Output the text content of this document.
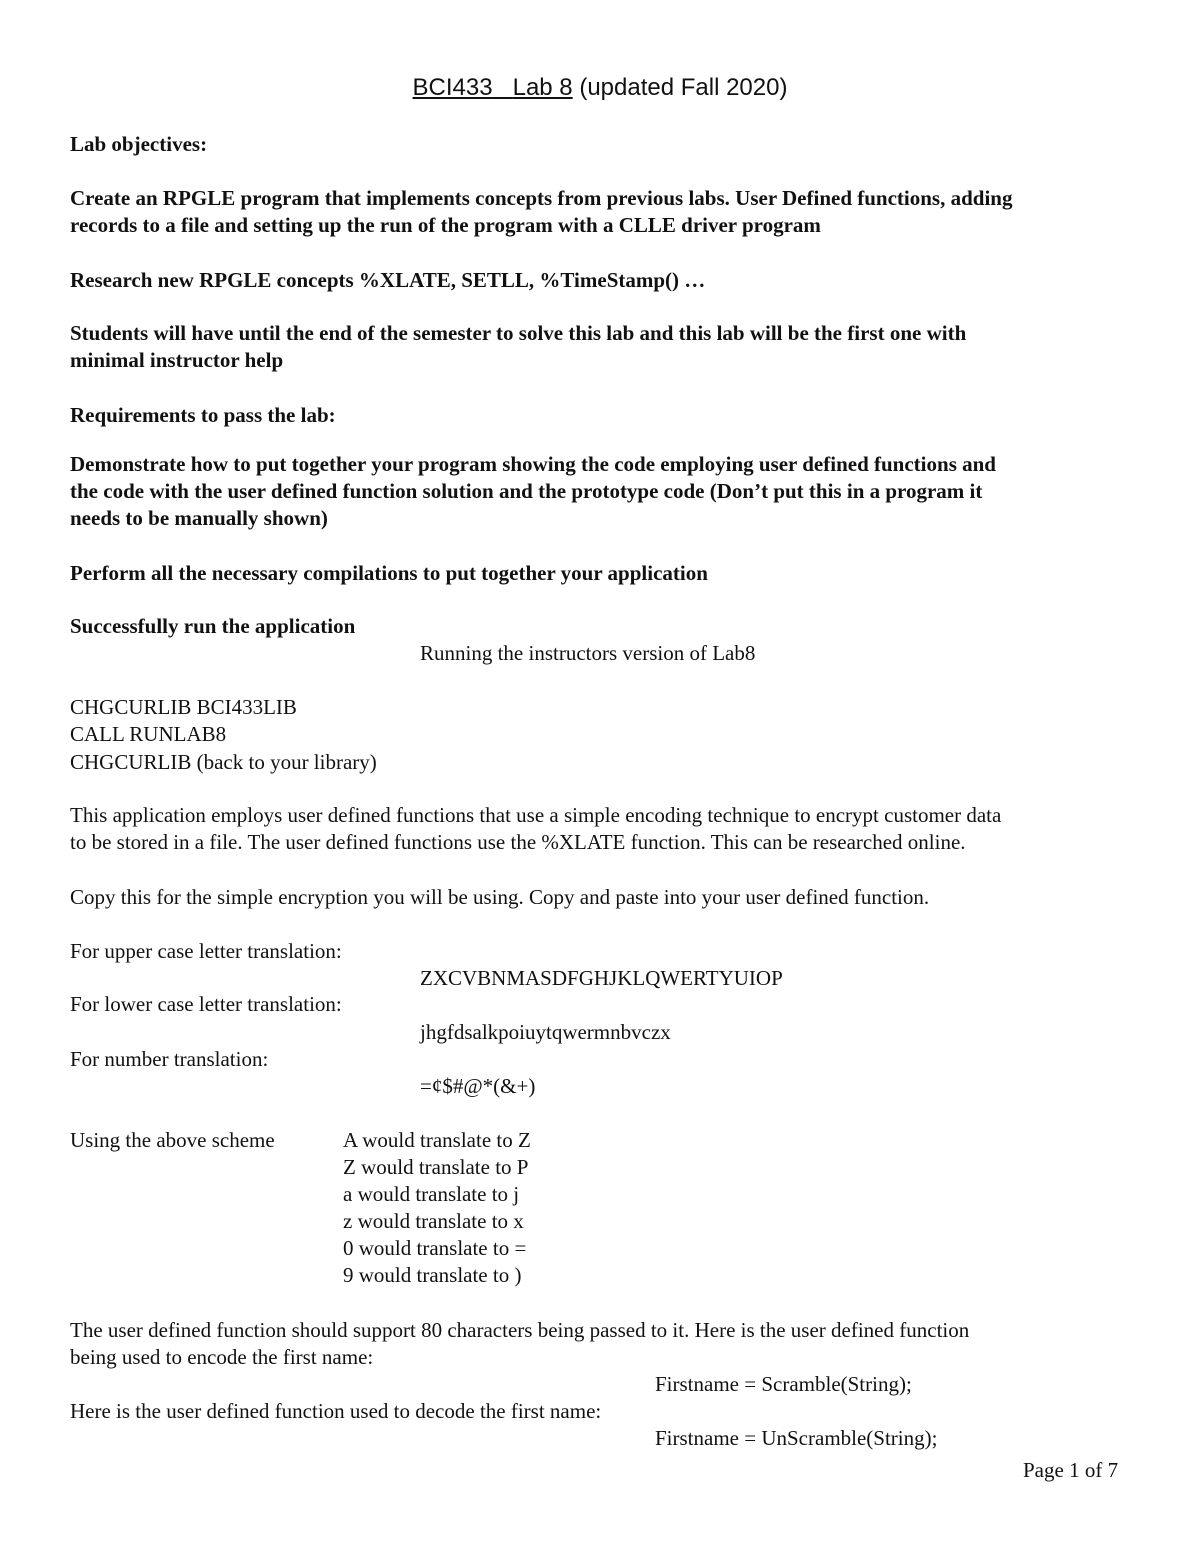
BCI433 Lab 8 (updated Fall 2020)
Lab objectives:
Create an RPGLE program that implements concepts from previous labs. User Defined functions, adding
records to a file and setting up the run of the program with a CLLE driver program
Research new RPGLE concepts %XLATE, SETLL, %TimeStamp() …
Students will have until the end of the semester to solve this lab and this lab will be the first one with
minimal instructor help
Requirements to pass the lab:
Demonstrate how to put together your program showing the code employing user defined functions and
the code with the user defined function solution and the prototype code (Don’t put this in a program it
needs to be manually shown)
Perform all the necessary compilations to put together your application
Successfully run the application
Running the instructors version of Lab8
CHGCURLIB BCI433LIB
CALL RUNLAB8
CHGCURLIB (back to your library)
This application employs user defined functions that use a simple encoding technique to encrypt customer data
to be stored in a file. The user defined functions use the %XLATE function. This can be researched online.
Copy this for the simple encryption you will be using. Copy and paste into your user defined function.
For upper case letter translation:
ZXCVBNMASDFGHJKLQWERTYUIOP
For lower case letter translation:
jhgfdsalkpoiuytqwermnbvczx
For number translation:
=¢$#@*(&+)
Using the above scheme	A would translate to Z
Z would translate to P
a would translate to j
z would translate to x
0 would translate to =
9 would translate to )
The user defined function should support 80 characters being passed to it. Here is the user defined function
being used to encode the first name:
Firstname = Scramble(String);
Here is the user defined function used to decode the first name:
Firstname = UnScramble(String);
Page 1 of 7
